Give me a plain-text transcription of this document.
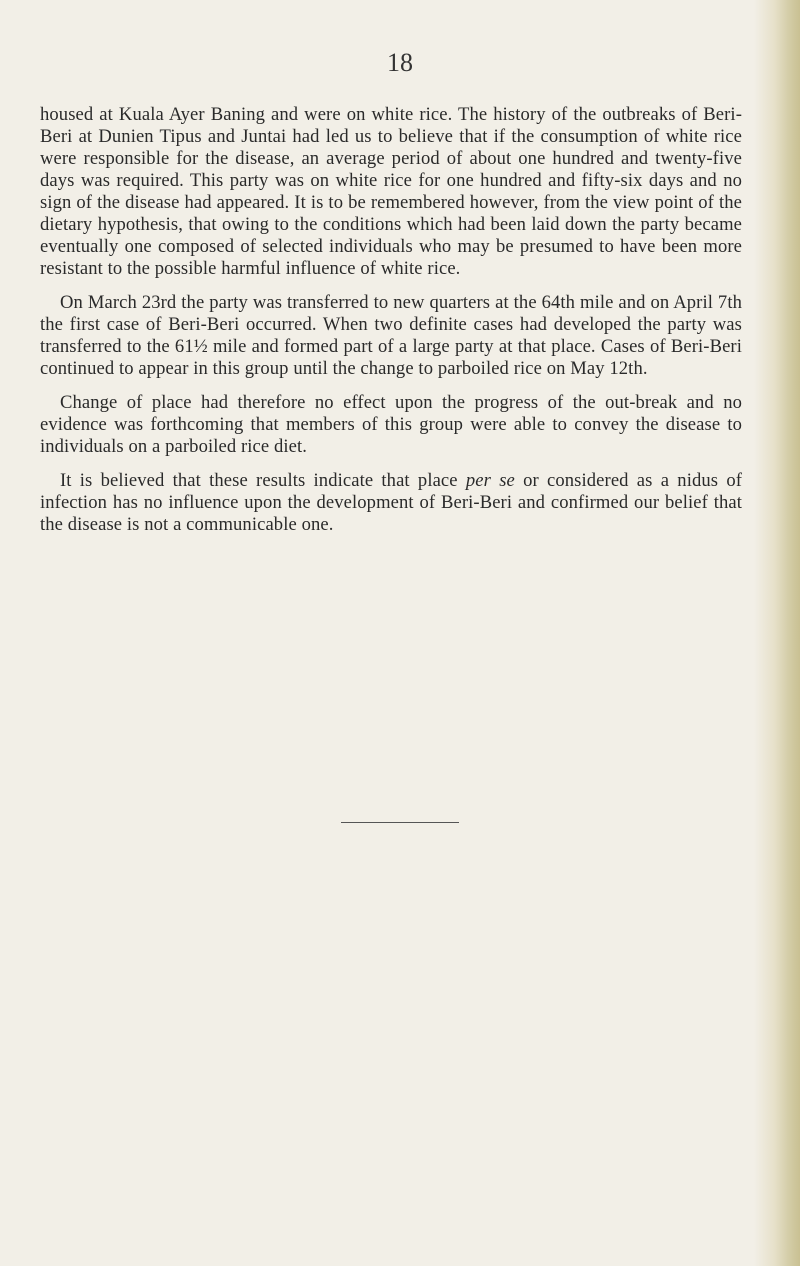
18

housed at Kuala Ayer Baning and were on white rice. The history of the outbreaks of Beri-Beri at Dunien Tipus and Juntai had led us to believe that if the consumption of white rice were responsible for the disease, an average period of about one hundred and twenty-five days was required. This party was on white rice for one hundred and fifty-six days and no sign of the disease had appeared. It is to be remembered however, from the view point of the dietary hypothesis, that owing to the conditions which had been laid down the party became eventually one composed of selected individuals who may be presumed to have been more resistant to the possible harmful influence of white rice.

On March 23rd the party was transferred to new quarters at the 64th mile and on April 7th the first case of Beri-Beri occurred. When two definite cases had developed the party was transferred to the 61½ mile and formed part of a large party at that place. Cases of Beri-Beri continued to appear in this group until the change to parboiled rice on May 12th.

Change of place had therefore no effect upon the progress of the out-break and no evidence was forthcoming that members of this group were able to convey the disease to individuals on a parboiled rice diet.

It is believed that these results indicate that place per se or considered as a nidus of infection has no influence upon the development of Beri-Beri and confirmed our belief that the disease is not a communicable one.
